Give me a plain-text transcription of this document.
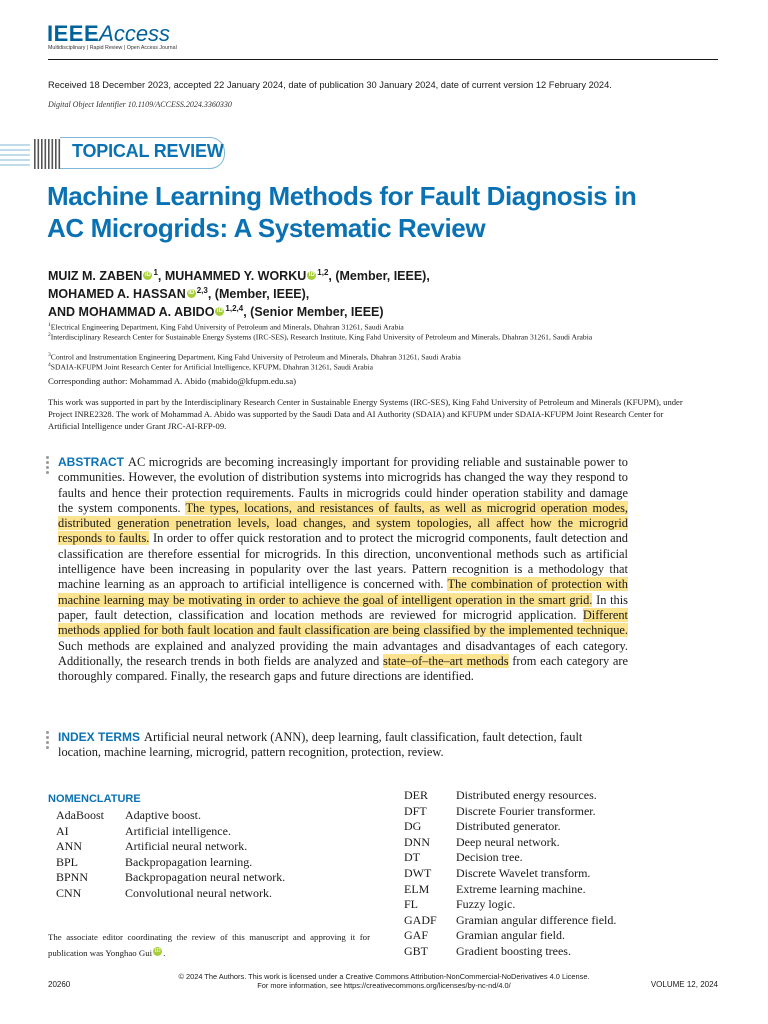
IEEEAccess
Multidisciplinary | Rapid Review | Open Access Journal
Received 18 December 2023, accepted 22 January 2024, date of publication 30 January 2024, date of current version 12 February 2024.
Digital Object Identifier 10.1109/ACCESS.2024.3360330
TOPICAL REVIEW
Machine Learning Methods for Fault Diagnosis in AC Microgrids: A Systematic Review
MUIZ M. ZABEN iD $^1$, MUHAMMED Y. WORKU iD $^{1,2}$, (Member, IEEE),
MOHAMED A. HASSAN iD $^{2,3}$, (Member, IEEE),
AND MOHAMMAD A. ABIDO iD $^{1,2,4}$, (Senior Member, IEEE)
$^1$Electrical Engineering Department, King Fahd University of Petroleum and Minerals, Dhahran 31261, Saudi Arabia
$^2$Interdisciplinary Research Center for Sustainable Energy Systems (IRC-SES), Research Institute, King Fahd University of Petroleum and Minerals, Dhahran 31261, Saudi Arabia
$^3$Control and Instrumentation Engineering Department, King Fahd University of Petroleum and Minerals, Dhahran 31261, Saudi Arabia
$^4$SDAIA-KFUPM Joint Research Center for Artificial Intelligence, KFUPM, Dhahran 31261, Saudi Arabia
Corresponding author: Mohammad A. Abido (mabido@kfupm.edu.sa)
This work was supported in part by the Interdisciplinary Research Center in Sustainable Energy Systems (IRC-SES), King Fahd University of Petroleum and Minerals (KFUPM), under Project INRE2328. The work of Mohammad A. Abido was supported by the Saudi Data and AI Authority (SDAIA) and KFUPM under SDAIA-KFUPM Joint Research Center for Artificial Intelligence under Grant JRC-AI-RFP-09.
ABSTRACT AC microgrids are becoming increasingly important for providing reliable and sustainable power to communities. However, the evolution of distribution systems into microgrids has changed the way they respond to faults and hence their protection requirements. Faults in microgrids could hinder operation stability and damage the system components. The types, locations, and resistances of faults, as well as microgrid operation modes, distributed generation penetration levels, load changes, and system topologies, all affect how the microgrid responds to faults. In order to offer quick restoration and to protect the microgrid components, fault detection and classification are therefore essential for microgrids. In this direction, unconventional methods such as artificial intelligence have been increasing in popularity over the last years. Pattern recognition is a methodology that machine learning as an approach to artificial intelligence is concerned with. The combination of protection with machine learning may be motivating in order to achieve the goal of intelligent operation in the smart grid. In this paper, fault detection, classification and location methods are reviewed for microgrid application. Different methods applied for both fault location and fault classification are being classified by the implemented technique. Such methods are explained and analyzed providing the main advantages and disadvantages of each category. Additionally, the research trends in both fields are analyzed and state–of–the–art methods from each category are thoroughly compared. Finally, the research gaps and future directions are identified.
INDEX TERMS Artificial neural network (ANN), deep learning, fault classification, fault detection, fault location, machine learning, microgrid, pattern recognition, protection, review.
NOMENCLATURE
AdaBoost	Adaptive boost.
AI	Artificial intelligence.
ANN	Artificial neural network.
BPL	Backpropagation learning.
BPNN	Backpropagation neural network.
CNN	Convolutional neural network.
DER	Distributed energy resources.
DFT	Discrete Fourier transformer.
DG	Distributed generator.
DNN	Deep neural network.
DT	Decision tree.
DWT	Discrete Wavelet transform.
ELM	Extreme learning machine.
FL	Fuzzy logic.
GADF	Gramian angular difference field.
GAF	Gramian angular field.
GBT	Gradient boosting trees.
The associate editor coordinating the review of this manuscript and approving it for publication was Yonghao Gui iD .
© 2024 The Authors. This work is licensed under a Creative Commons Attribution-NonCommercial-NoDerivatives 4.0 License.
For more information, see https://creativecommons.org/licenses/by-nc-nd/4.0/
20260	VOLUME 12, 2024
